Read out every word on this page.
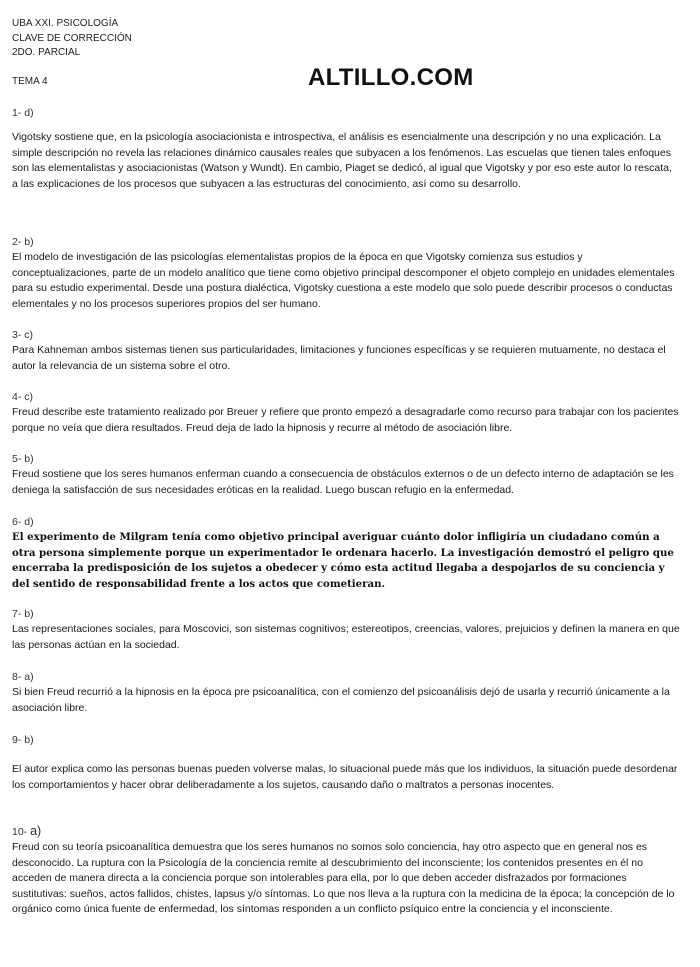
UBA XXI. PSICOLOGÍA
CLAVE DE CORRECCIÓN
2DO. PARCIAL
TEMA 4	ALTILLO.COM
1- d)
Vigotsky sostiene que, en la psicología asociacionista e introspectiva, el análisis es esencialmente una descripción y no una explicación. La simple descripción no revela las relaciones dinámico causales reales que subyacen a los fenómenos. Las escuelas que tienen tales enfoques son las elementalistas y asociacionistas (Watson y Wundt). En cambio, Piaget se dedicó, al igual que Vigotsky y por eso este autor lo rescata, a las explicaciones de los procesos que subyacen a las estructuras del conocimiento, así como su desarrollo.
2- b)
El modelo de investigación de las psicologías elementalistas propios de la época en que Vigotsky comienza sus estudios y conceptualizaciones, parte de un modelo analítico que tiene como objetivo principal descomponer el objeto complejo en unidades elementales para su estudio experimental. Desde una postura dialéctica, Vigotsky cuestiona a este modelo que solo puede describir procesos o conductas elementales y no los procesos superiores propios del ser humano.
3- c)
Para Kahneman ambos sistemas tienen sus particularidades, limitaciones y funciones específicas y se requieren mutuamente, no destaca el autor la relevancia de un sistema sobre el otro.
4- c)
Freud describe este tratamiento realizado por Breuer y refiere que pronto empezó a desagradarle como recurso para trabajar con los pacientes porque no veía que diera resultados. Freud deja de lado la hipnosis y recurre al método de asociación libre.
5- b)
Freud sostiene que los seres humanos enferman cuando a consecuencia de obstáculos externos o de un defecto interno de adaptación se les deniega la satisfacción de sus necesidades eróticas en la realidad. Luego buscan refugio en la enfermedad.
6- d)
El experimento de Milgram tenía como objetivo principal averiguar cuánto dolor infligiría un ciudadano común a otra persona simplemente porque un experimentador le ordenara hacerlo. La investigación demostró el peligro que encerraba la predisposición de los sujetos a obedecer y cómo esta actitud llegaba a despojarlos de su conciencia y del sentido de responsabilidad frente a los actos que cometieran.
7- b)
Las representaciones sociales, para Moscovici, son sistemas cognitivos; estereotipos, creencias, valores, prejuicios y definen la manera en que las personas actúan en la sociedad.
8- a)
Si bien Freud recurrió a la hipnosis en la época pre psicoanalítica, con el comienzo del psicoanálisis dejó de usarla y recurrió únicamente a la asociación libre.
9- b)
El autor explica como las personas buenas pueden volverse malas, lo situacional puede más que los individuos, la situación puede desordenar los comportamientos y hacer obrar deliberadamente a los sujetos, causando daño o maltratos a personas inocentes.
10- a)
Freud con su teoría psicoanalítica demuestra que los seres humanos no somos solo conciencia, hay otro aspecto que en general nos es desconocido. La ruptura con la Psicología de la conciencia remite al descubrimiento del inconsciente; los contenidos presentes en él no acceden de manera directa a la conciencia porque son intolerables para ella, por lo que deben acceder disfrazados por formaciones sustitutivas: sueños, actos fallidos, chistes, lapsus y/o síntomas. Lo que nos lleva a la ruptura con la medicina de la época; la concepción de lo orgánico como única fuente de enfermedad, los síntomas responden a un conflicto psíquico entre la conciencia y el inconsciente.
